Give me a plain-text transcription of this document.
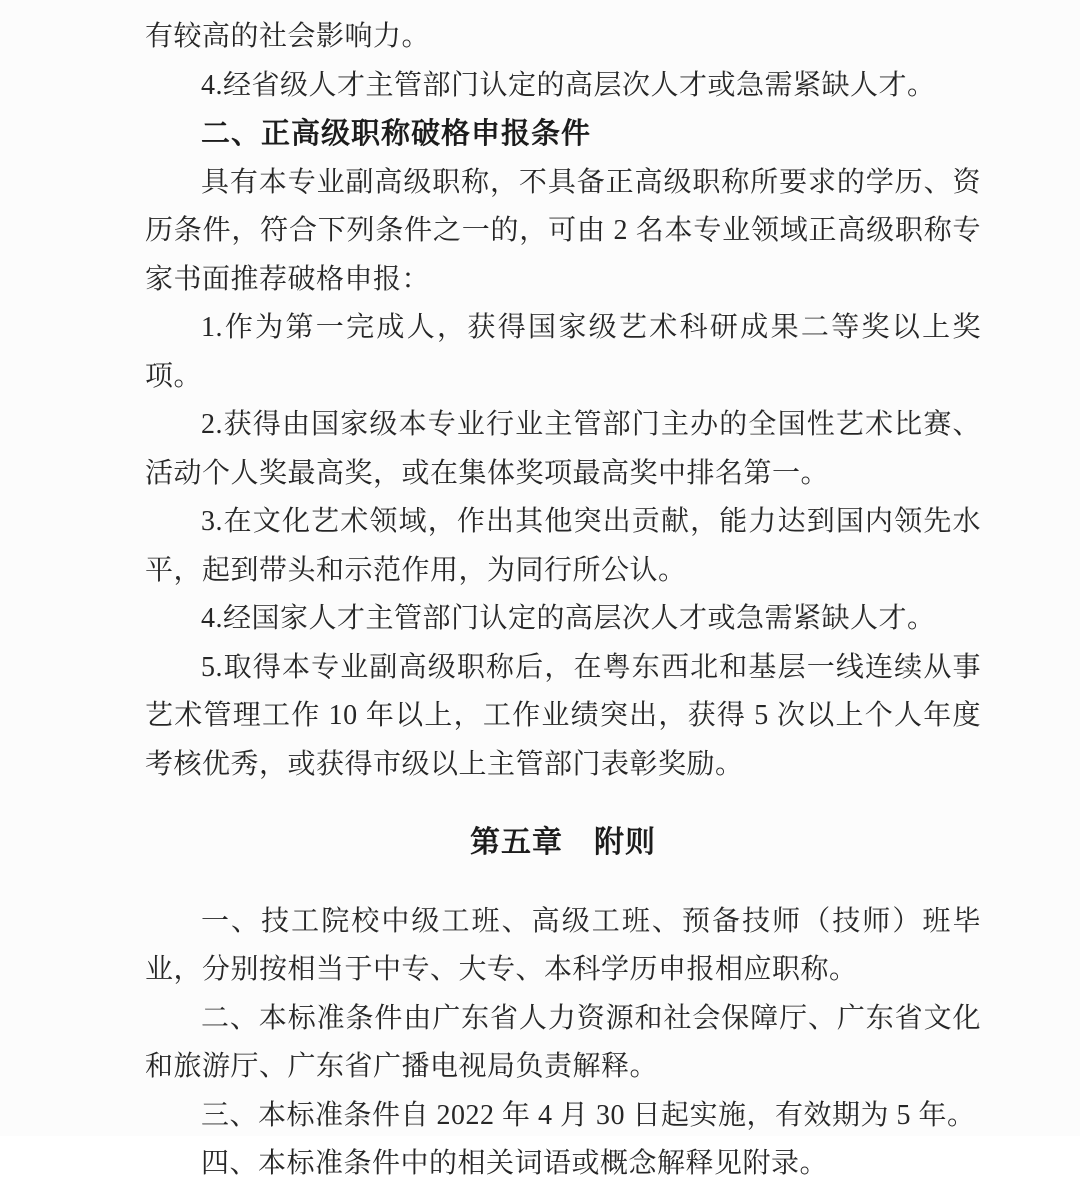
有较高的社会影响力。

4.经省级人才主管部门认定的高层次人才或急需紧缺人才。

二、正高级职称破格申报条件

具有本专业副高级职称，不具备正高级职称所要求的学历、资历条件，符合下列条件之一的，可由 2 名本专业领域正高级职称专家书面推荐破格申报：

1.作为第一完成人，获得国家级艺术科研成果二等奖以上奖项。

2.获得由国家级本专业行业主管部门主办的全国性艺术比赛、活动个人奖最高奖，或在集体奖项最高奖中排名第一。

3.在文化艺术领域，作出其他突出贡献，能力达到国内领先水平，起到带头和示范作用，为同行所公认。

4.经国家人才主管部门认定的高层次人才或急需紧缺人才。

5.取得本专业副高级职称后，在粤东西北和基层一线连续从事艺术管理工作 10 年以上，工作业绩突出，获得 5 次以上个人年度考核优秀，或获得市级以上主管部门表彰奖励。

第五章　附则

一、技工院校中级工班、高级工班、预备技师（技师）班毕业，分别按相当于中专、大专、本科学历申报相应职称。

二、本标准条件由广东省人力资源和社会保障厅、广东省文化和旅游厅、广东省广播电视局负责解释。

三、本标准条件自 2022 年 4 月 30 日起实施，有效期为 5 年。

四、本标准条件中的相关词语或概念解释见附录。
